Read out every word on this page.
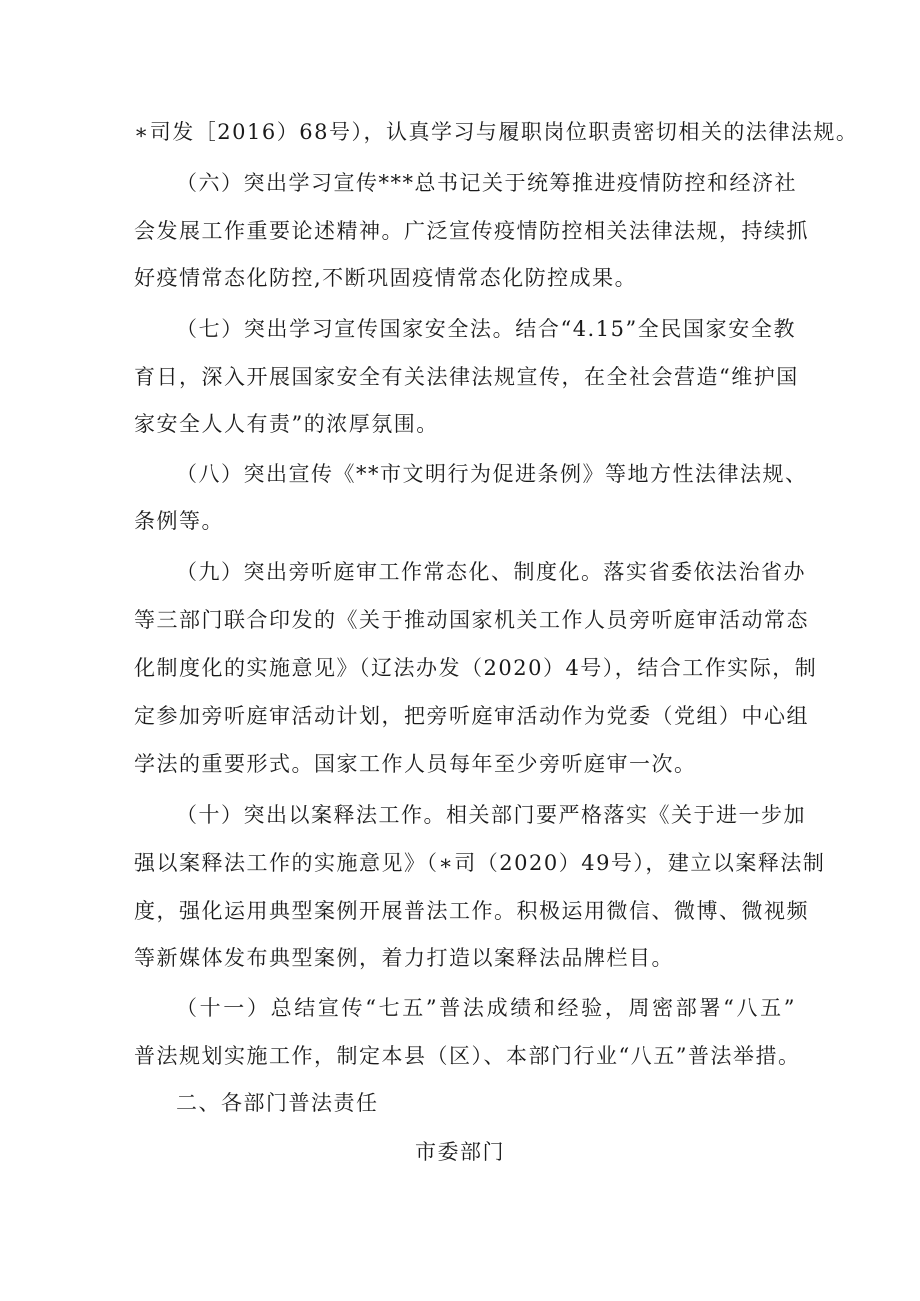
∗司发［2016）68号），认真学习与履职岗位职责密切相关的法律法规。
（六）突出学习宣传***总书记关于统筹推进疫情防控和经济社
会发展工作重要论述精神。广泛宣传疫情防控相关法律法规，持续抓
好疫情常态化防控,不断巩固疫情常态化防控成果。
（七）突出学习宣传国家安全法。结合“4.15”全民国家安全教
育日，深入开展国家安全有关法律法规宣传，在全社会营造“维护国
家安全人人有责”的浓厚氛围。
（八）突出宣传《**市文明行为促进条例》等地方性法律法规、
条例等。
（九）突出旁听庭审工作常态化、制度化。落实省委依法治省办
等三部门联合印发的《关于推动国家机关工作人员旁听庭审活动常态
化制度化的实施意见》（辽法办发（2020）4号），结合工作实际，制
定参加旁听庭审活动计划，把旁听庭审活动作为党委（党组）中心组
学法的重要形式。国家工作人员每年至少旁听庭审一次。
（十）突出以案释法工作。相关部门要严格落实《关于进一步加
强以案释法工作的实施意见》（∗司（2020）49号），建立以案释法制
度，强化运用典型案例开展普法工作。积极运用微信、微博、微视频
等新媒体发布典型案例，着力打造以案释法品牌栏目。
（十一）总结宣传“七五”普法成绩和经验，周密部署“八五”
普法规划实施工作，制定本县（区）、本部门行业“八五”普法举措。
二、各部门普法责任
市委部门
